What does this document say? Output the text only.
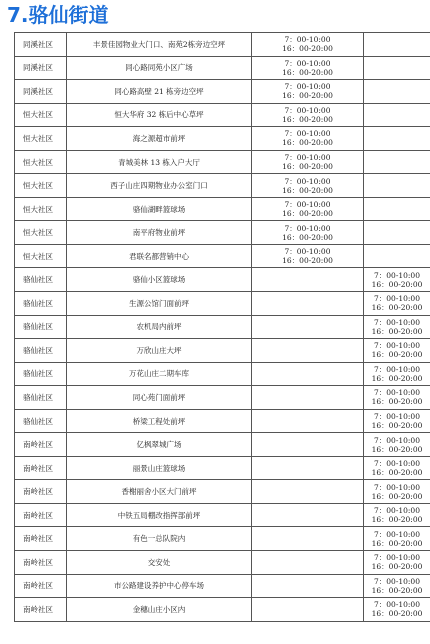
7.骆仙街道
同溪社区	丰景佳园物业大门口、南苑2栋旁边空坪	7：00-10:00
16：00-20:00	

同溪社区	同心路同苑小区广场	7：00-10:00
16：00-20:00	

同溪社区	同心路高壁 21 栋旁边空坪	7：00-10:00
16：00-20:00	

恒大社区	恒大华府 32 栋后中心草坪	7：00-10:00
16：00-20:00	

恒大社区	海之源超市前坪	7：00-10:00
16：00-20:00	

恒大社区	青城美林 13 栋入户大厅	7：00-10:00
16：00-20:00	

恒大社区	西子山庄四期物业办公室门口	7：00-10:00
16：00-20:00	

恒大社区	骆仙湖畔篮球场	7：00-10:00
16：00-20:00	

恒大社区	南平府物业前坪	7：00-10:00
16：00-20:00	

恒大社区	君联名都营销中心	7：00-10:00
16：00-20:00	

骆仙社区	骆仙小区篮球场		7：00-10:00
16：00-20:00

骆仙社区	生源公馆门面前坪		7：00-10:00
16：00-20:00

骆仙社区	农机局内前坪		7：00-10:00
16：00-20:00

骆仙社区	万欣山庄大坪		7：00-10:00
16：00-20:00

骆仙社区	万花山庄二期车库		7：00-10:00
16：00-20:00

骆仙社区	同心苑门面前坪		7：00-10:00
16：00-20:00

骆仙社区	桥梁工程处前坪		7：00-10:00
16：00-20:00

南岭社区	亿枫翠城广场		7：00-10:00
16：00-20:00

南岭社区	丽景山庄篮球场		7：00-10:00
16：00-20:00

南岭社区	香榭丽舍小区大门前坪		7：00-10:00
16：00-20:00

南岭社区	中铁五局棚改指挥部前坪		7：00-10:00
16：00-20:00

南岭社区	有色一总队院内		7：00-10:00
16：00-20:00

南岭社区	交安处		7：00-10:00
16：00-20:00

南岭社区	市公路建设养护中心停车场		7：00-10:00
16：00-20:00

南岭社区	金穗山庄小区内		7：00-10:00
16：00-20:00
